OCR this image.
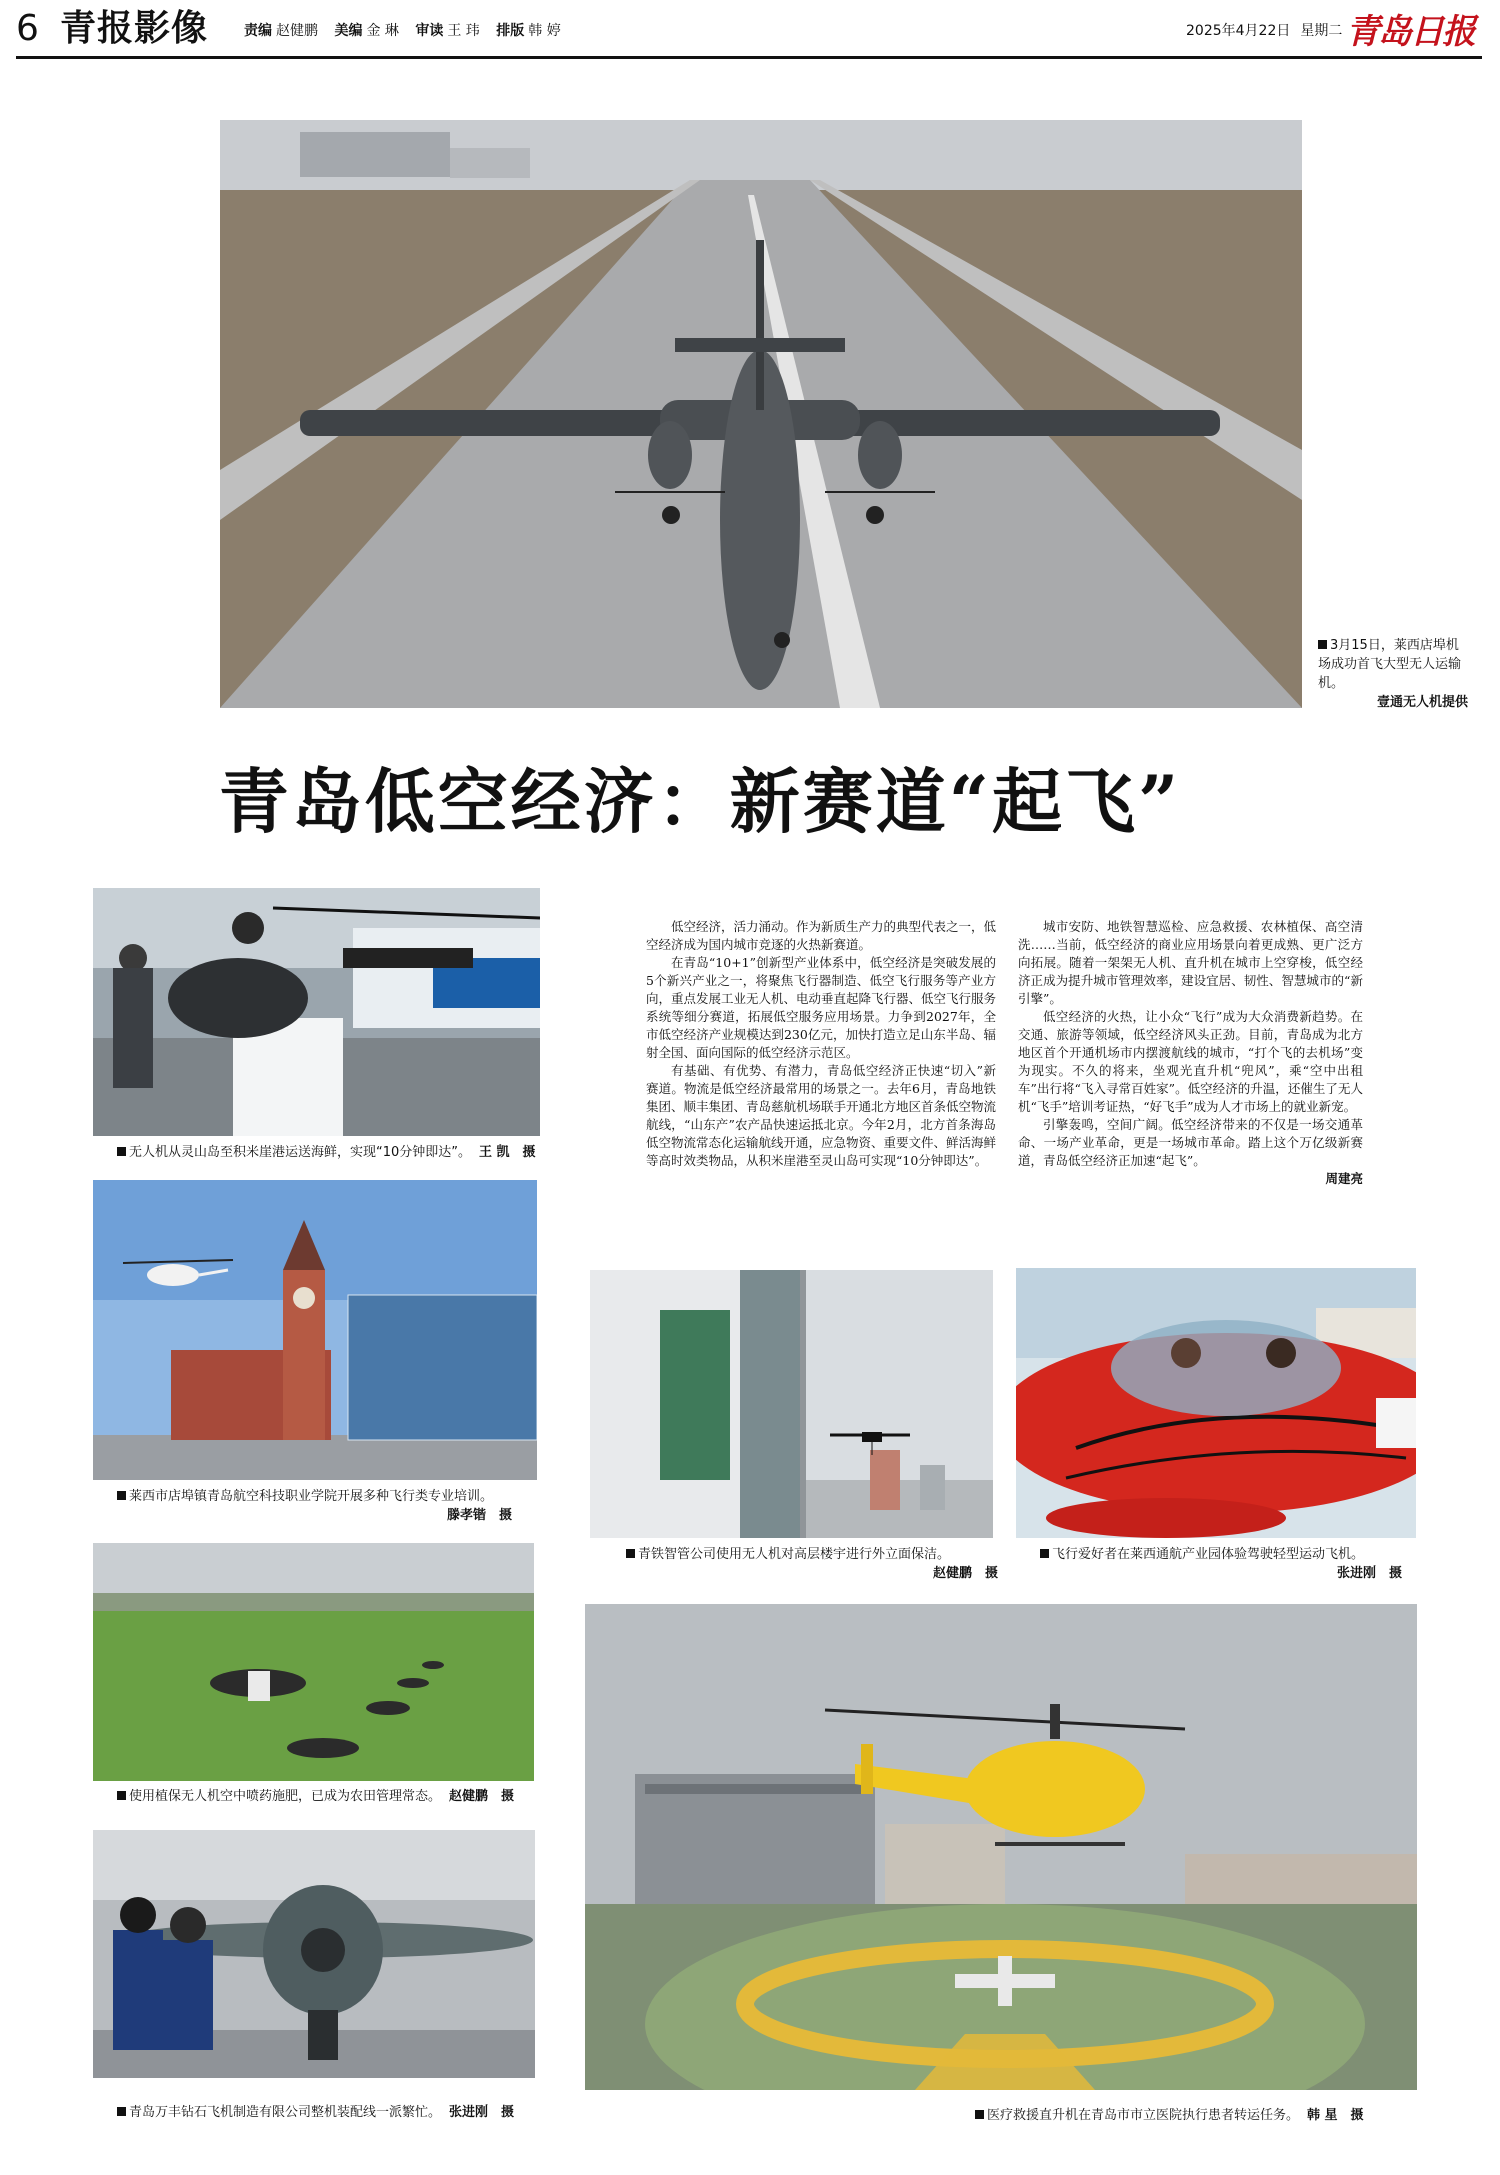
6 青报影像	责编 赵健鹏 美编 金 琳 审读 王 玮 排版 韩 婷	2025年4月22日 星期二 青岛日报
3月15日，莱西店埠机场成功首飞大型无人运输机。
壹通无人机提供
青岛低空经济：新赛道“起飞”
无人机从灵山岛至积米崖港运送海鲜，实现“10分钟即达”。 王 凯　摄
莱西市店埠镇青岛航空科技职业学院开展多种飞行类专业培训。
滕孝锴　摄
使用植保无人机空中喷药施肥，已成为农田管理常态。 赵健鹏　摄
青岛万丰钻石飞机制造有限公司整机装配线一派繁忙。 张进刚　摄

低空经济，活力涌动。作为新质生产力的典型代表之一，低空经济成为国内城市竞逐的火热新赛道。

在青岛“10+1”创新型产业体系中，低空经济是突破发展的5个新兴产业之一，将聚焦飞行器制造、低空飞行服务等产业方向，重点发展工业无人机、电动垂直起降飞行器、低空飞行服务系统等细分赛道，拓展低空服务应用场景。力争到2027年，全市低空经济产业规模达到230亿元，加快打造立足山东半岛、辐射全国、面向国际的低空经济示范区。

有基础、有优势、有潜力，青岛低空经济正快速“切入”新赛道。物流是低空经济最常用的场景之一。去年6月，青岛地铁集团、顺丰集团、青岛慈航机场联手开通北方地区首条低空物流航线，“山东产”农产品快速运抵北京。今年2月，北方首条海岛低空物流常态化运输航线开通，应急物资、重要文件、鲜活海鲜等高时效类物品，从积米崖港至灵山岛可实现“10分钟即达”。

城市安防、地铁智慧巡检、应急救援、农林植保、高空清洗……当前，低空经济的商业应用场景向着更成熟、更广泛方向拓展。随着一架架无人机、直升机在城市上空穿梭，低空经济正成为提升城市管理效率，建设宜居、韧性、智慧城市的“新引擎”。

低空经济的火热，让小众“飞行”成为大众消费新趋势。在交通、旅游等领域，低空经济风头正劲。目前，青岛成为北方地区首个开通机场市内摆渡航线的城市，“打个飞的去机场”变为现实。不久的将来，坐观光直升机“兜风”，乘“空中出租车”出行将“飞入寻常百姓家”。低空经济的升温，还催生了无人机“飞手”培训考证热，“好飞手”成为人才市场上的就业新宠。

引擎轰鸣，空间广阔。低空经济带来的不仅是一场交通革命、一场产业革命，更是一场城市革命。踏上这个万亿级新赛道，青岛低空经济正加速“起飞”。

周建亮
青铁智管公司使用无人机对高层楼宇进行外立面保洁。
赵健鹏　摄
飞行爱好者在莱西通航产业园体验驾驶轻型运动飞机。
张进刚　摄
医疗救援直升机在青岛市市立医院执行患者转运任务。 韩 星　摄
